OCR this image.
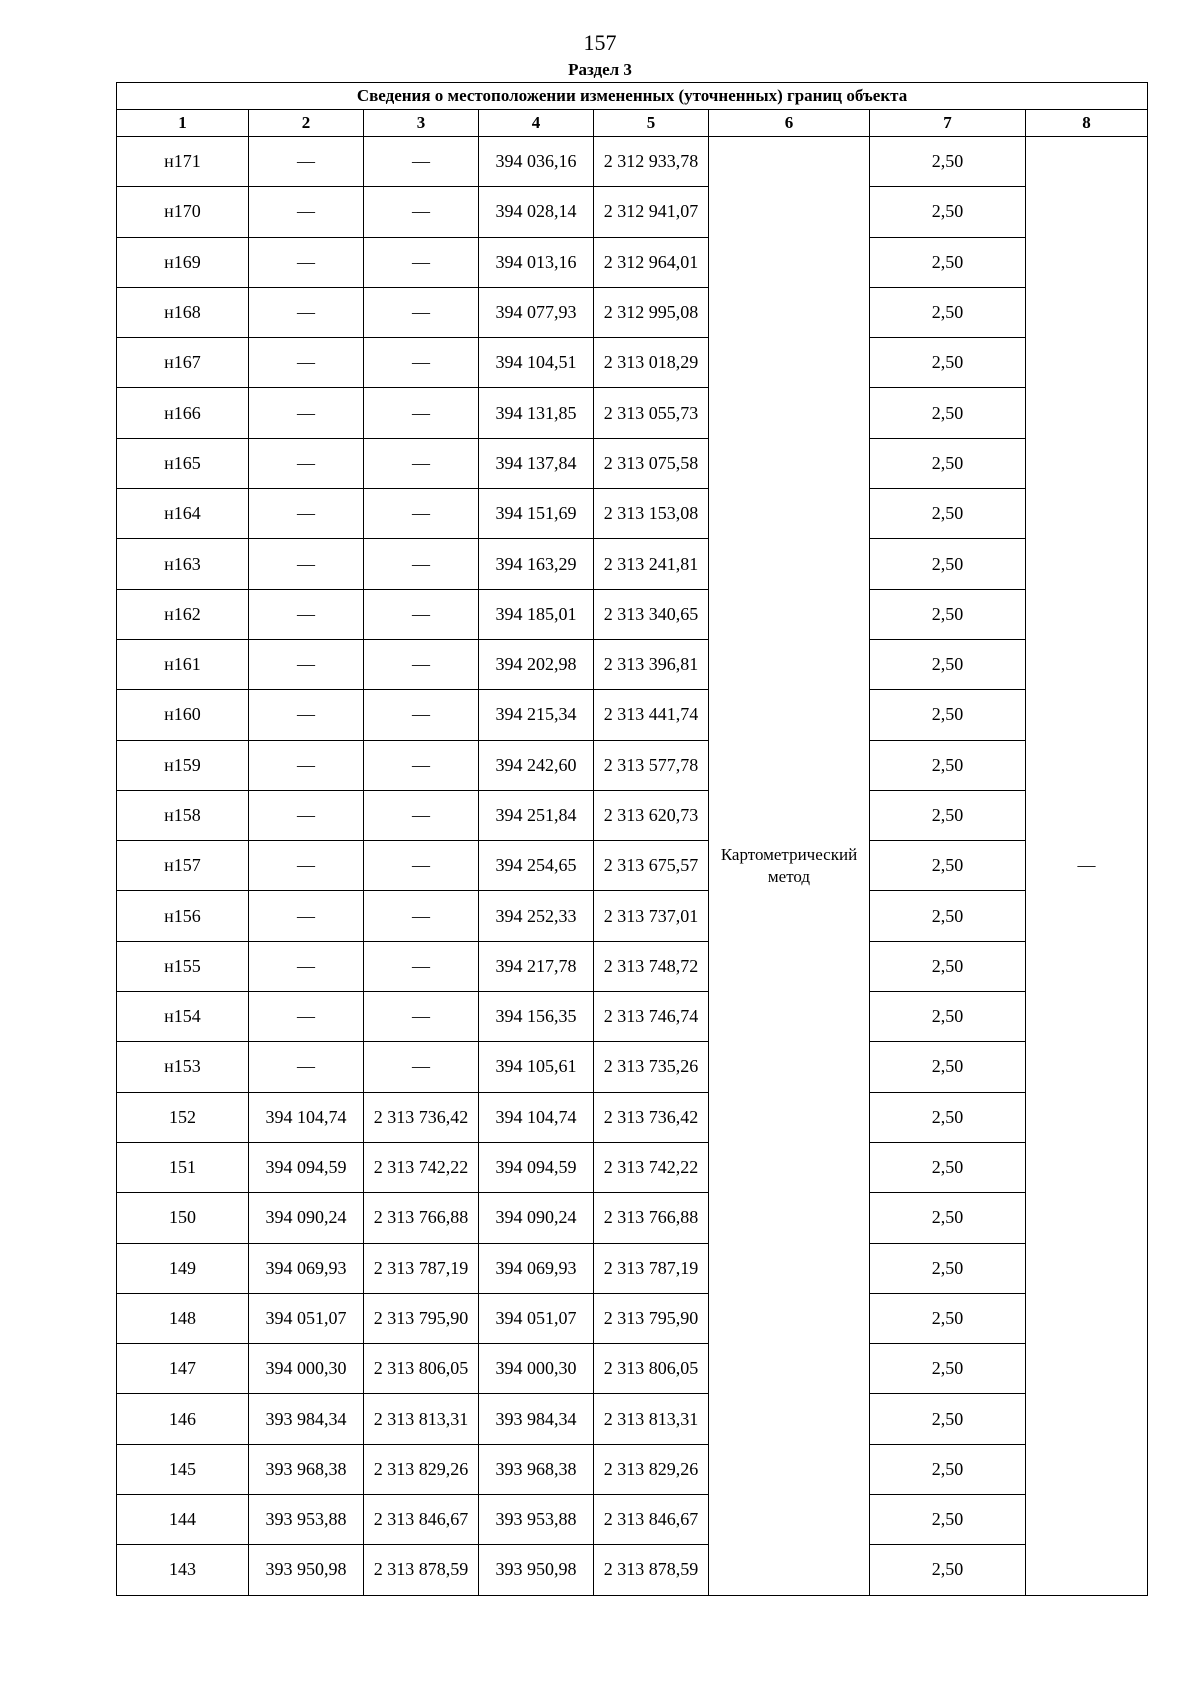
157
Раздел 3
Сведения о местоположении измененных (уточненных) границ объекта							
1	2	3	4	5	6	7	8
н171	—	—	394 036,16	2 312 933,78	Картометрический метод	2,50	—
н170	—	—	394 028,14	2 312 941,07		2,50	
н169	—	—	394 013,16	2 312 964,01		2,50	
н168	—	—	394 077,93	2 312 995,08		2,50	
н167	—	—	394 104,51	2 313 018,29		2,50	
н166	—	—	394 131,85	2 313 055,73		2,50	
н165	—	—	394 137,84	2 313 075,58		2,50	
н164	—	—	394 151,69	2 313 153,08		2,50	
н163	—	—	394 163,29	2 313 241,81		2,50	
н162	—	—	394 185,01	2 313 340,65		2,50	
н161	—	—	394 202,98	2 313 396,81		2,50	
н160	—	—	394 215,34	2 313 441,74		2,50	
н159	—	—	394 242,60	2 313 577,78		2,50	
н158	—	—	394 251,84	2 313 620,73		2,50	
н157	—	—	394 254,65	2 313 675,57		2,50	
н156	—	—	394 252,33	2 313 737,01		2,50	
н155	—	—	394 217,78	2 313 748,72		2,50	
н154	—	—	394 156,35	2 313 746,74		2,50	
н153	—	—	394 105,61	2 313 735,26		2,50	
152	394 104,74	2 313 736,42	394 104,74	2 313 736,42		2,50	
151	394 094,59	2 313 742,22	394 094,59	2 313 742,22		2,50	
150	394 090,24	2 313 766,88	394 090,24	2 313 766,88		2,50	
149	394 069,93	2 313 787,19	394 069,93	2 313 787,19		2,50	
148	394 051,07	2 313 795,90	394 051,07	2 313 795,90		2,50	
147	394 000,30	2 313 806,05	394 000,30	2 313 806,05		2,50	
146	393 984,34	2 313 813,31	393 984,34	2 313 813,31		2,50	
145	393 968,38	2 313 829,26	393 968,38	2 313 829,26		2,50	
144	393 953,88	2 313 846,67	393 953,88	2 313 846,67		2,50	
143	393 950,98	2 313 878,59	393 950,98	2 313 878,59		2,50	
